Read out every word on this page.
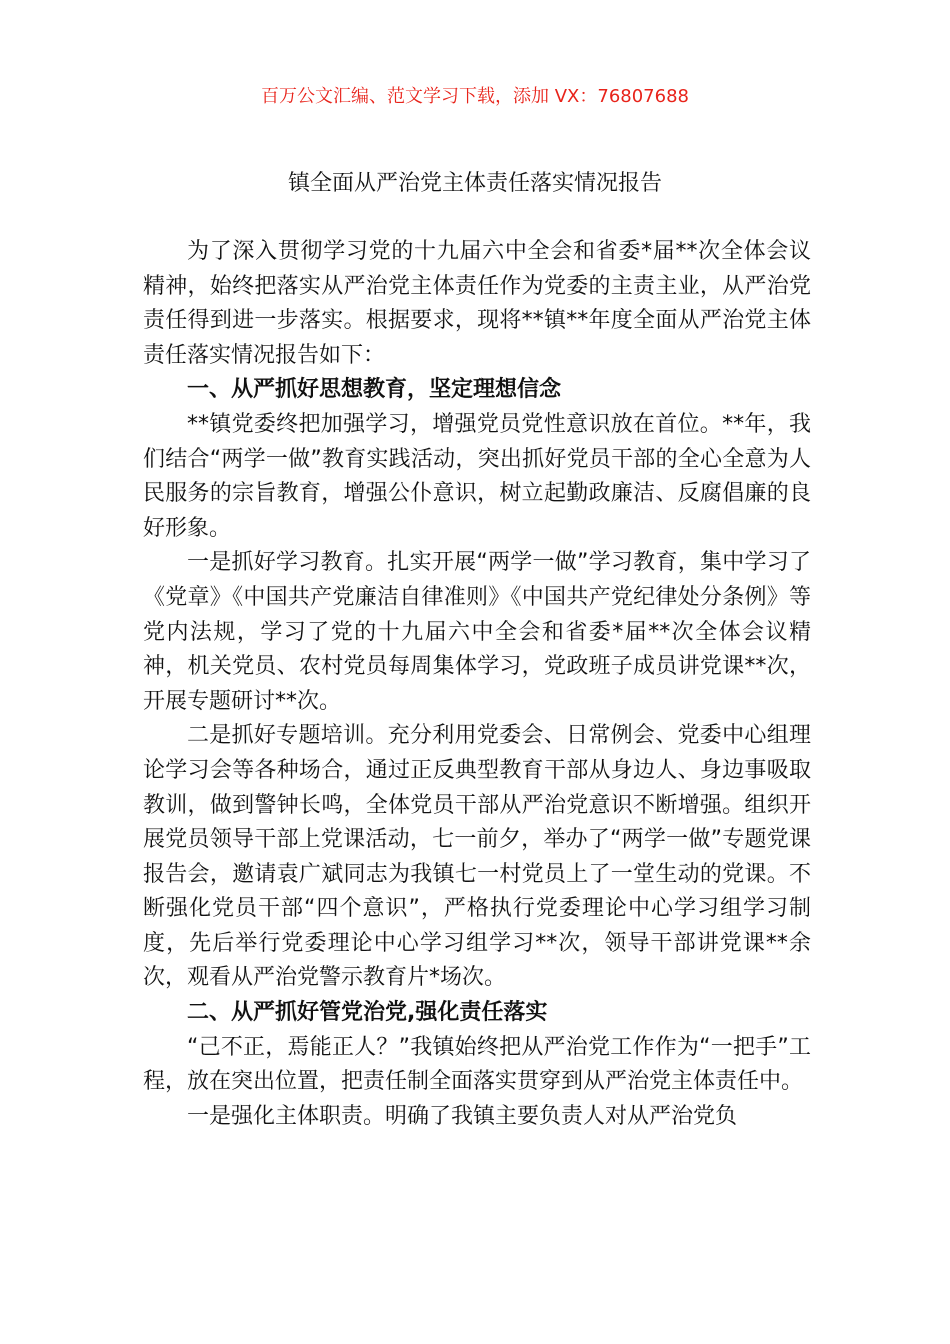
百万公文汇编、范文学习下载，添加 VX：76807688
镇全面从严治党主体责任落实情况报告

为了深入贯彻学习党的十九届六中全会和省委*届**次全体会议精神，始终把落实从严治党主体责任作为党委的主责主业，从严治党责任得到进一步落实。根据要求，现将**镇**年度全面从严治党主体责任落实情况报告如下：

一、从严抓好思想教育，坚定理想信念

**镇党委终把加强学习，增强党员党性意识放在首位。**年，我们结合“两学一做”教育实践活动，突出抓好党员干部的全心全意为人民服务的宗旨教育，增强公仆意识，树立起勤政廉洁、反腐倡廉的良好形象。

一是抓好学习教育。扎实开展“两学一做”学习教育，集中学习了《党章》《中国共产党廉洁自律准则》《中国共产党纪律处分条例》等党内法规，学习了党的十九届六中全会和省委*届**次全体会议精神，机关党员、农村党员每周集体学习，党政班子成员讲党课**次，开展专题研讨**次。

二是抓好专题培训。充分利用党委会、日常例会、党委中心组理论学习会等各种场合，通过正反典型教育干部从身边人、身边事吸取教训，做到警钟长鸣，全体党员干部从严治党意识不断增强。组织开展党员领导干部上党课活动，七一前夕，举办了“两学一做”专题党课报告会，邀请袁广斌同志为我镇七一村党员上了一堂生动的党课。不断强化党员干部“四个意识”，严格执行党委理论中心学习组学习制度，先后举行党委理论中心学习组学习**次，领导干部讲党课**余次，观看从严治党警示教育片*场次。

二、从严抓好管党治党,强化责任落实

“己不正，焉能正人？”我镇始终把从严治党工作作为“一把手”工程，放在突出位置，把责任制全面落实贯穿到从严治党主体责任中。

一是强化主体职责。明确了我镇主要负责人对从严治党负
